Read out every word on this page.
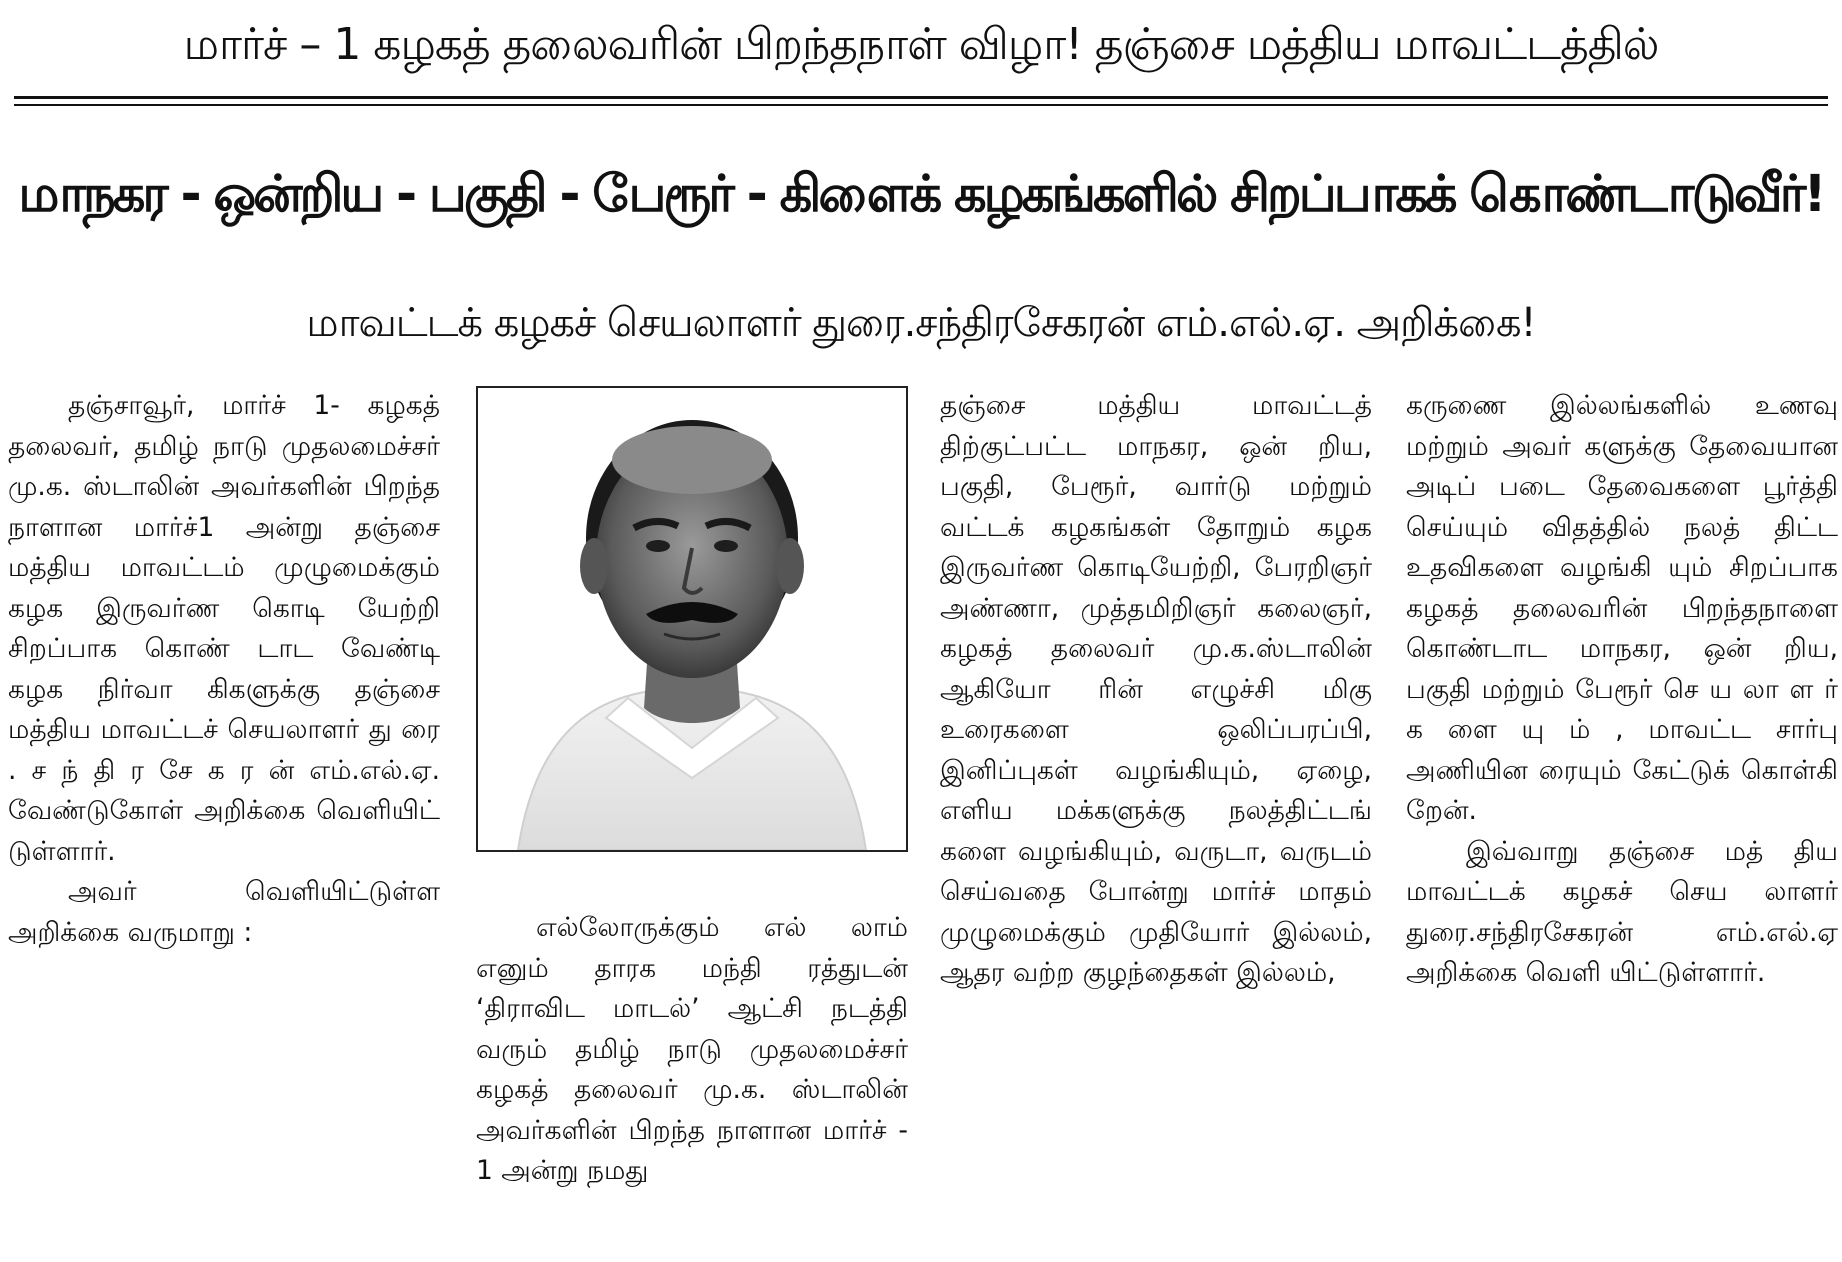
மார்ச் – 1 கழகத் தலைவரின் பிறந்தநாள் விழா! தஞ்சை மத்திய மாவட்டத்தில்
மாநகர - ஒன்றிய - பகுதி - பேரூர் - கிளைக் கழகங்களில் சிறப்பாகக் கொண்டாடுவீர்!
மாவட்டக் கழகச் செயலாளர் துரை.சந்திரசேகரன் எம்.எல்.ஏ. அறிக்கை!

தஞ்சாவூர், மார்ச் 1- கழகத் தலைவர், தமிழ் நாடு முதலமைச்சர் மு.க. ஸ்டாலின் அவர்களின் பிறந்த நாளான மார்ச்1 அன்று தஞ்சை மத்திய மாவட்டம் முழுமைக்கும் கழக இருவர்ண கொடி யேற்றி சிறப்பாக கொண் டாட வேண்டி கழக நிர்வா கிகளுக்கு தஞ்சை மத்திய மாவட்டச் செயலாளர் து ரை . ச ந் தி ர சே க ர ன் எம்.எல்.ஏ. வேண்டுகோள் அறிக்கை வெளியிட் டுள்ளார்.

அவர் வெளியிட்டுள்ள அறிக்கை வருமாறு :	எல்லோருக்கும் எல் லாம் எனும் தாரக மந்தி ரத்துடன் ‘திராவிட மாடல்’ ஆட்சி நடத்தி வரும் தமிழ் நாடு முதலமைச்சர் கழகத் தலைவர் மு.க. ஸ்டாலின் அவர்களின் பிறந்த நாளான மார்ச் - 1 அன்று நமது

தஞ்சை மத்திய மாவட்டத் திற்குட்பட்ட மாநகர, ஒன் றிய, பகுதி, பேரூர், வார்டு மற்றும் வட்டக் கழகங்கள் தோறும் கழக இருவர்ண கொடியேற்றி, பேரறிஞர் அண்ணா, முத்தமிறிஞர் கலைஞர், கழகத் தலைவர் மு.க.ஸ்டாலின் ஆகியோ ரின் எழுச்சி மிகு உரைகளை ஒலிப்பரப்பி, இனிப்புகள் வழங்கியும், ஏழை, எளிய மக்களுக்கு நலத்திட்டங் களை வழங்கியும், வருடா, வருடம் செய்வதை போன்று மார்ச் மாதம் முழுமைக்கும் முதியோர் இல்லம், ஆதர வற்ற குழந்தைகள் இல்லம்,

கருணை இல்லங்களில் உணவு மற்றும் அவர் களுக்கு தேவையான அடிப் படை தேவைகளை பூர்த்தி செய்யும் விதத்தில் நலத் திட்ட உதவிகளை வழங்கி யும் சிறப்பாக கழகத் தலைவரின் பிறந்தநாளை கொண்டாட மாநகர, ஒன் றிய, பகுதி மற்றும் பேரூர் செ ய லா ள ர் க ளை யு ம் , மாவட்ட சார்பு அணியின ரையும் கேட்டுக் கொள்கி றேன்.

இவ்வாறு தஞ்சை மத் திய மாவட்டக் கழகச் செய லாளர் துரை.சந்திரசேகரன் எம்.எல்.ஏ அறிக்கை வெளி யிட்டுள்ளார்.
